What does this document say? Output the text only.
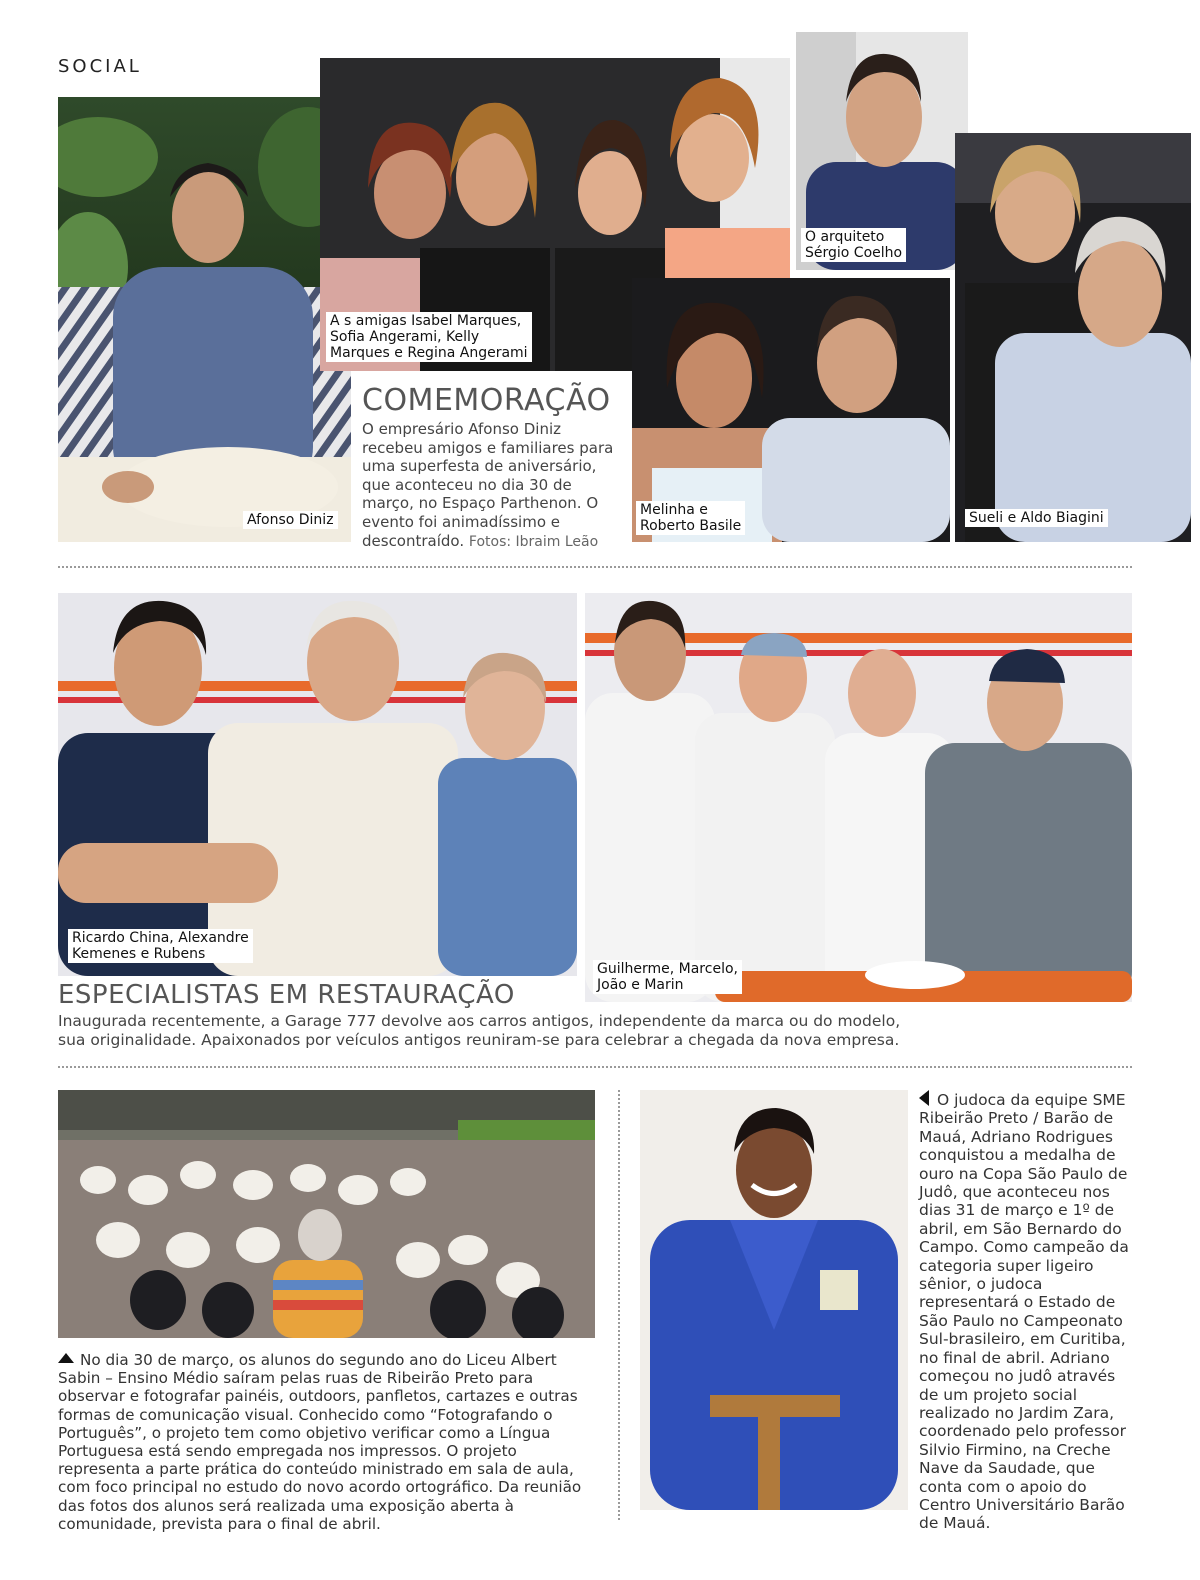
SOCIAL
Afonso Diniz
A s amigas Isabel Marques,
Sofia Angerami, Kelly
Marques e Regina Angerami
O arquiteto
Sérgio Coelho
Sueli e Aldo Biagini
Melinha e
Roberto Basile
COMEMORAÇÃO
O empresário Afonso Diniz recebeu amigos e familiares para uma superfesta de aniversário, que aconteceu no dia 30 de março, no Espaço Parthenon. O evento foi animadíssimo e descontraído. Fotos: Ibraim Leão
Ricardo China, Alexandre
Kemenes e Rubens
Guilherme, Marcelo,
João e Marin
ESPECIALISTAS EM RESTAURAÇÃO
Inaugurada recentemente, a Garage 777 devolve aos carros antigos, independente da marca ou do modelo, sua originalidade. Apaixonados por veículos antigos reuniram-se para celebrar a chegada da nova empresa.
No dia 30 de março, os alunos do segundo ano do Liceu Albert Sabin – Ensino Médio saíram pelas ruas de Ribeirão Preto para observar e fotografar painéis, outdoors, panfletos, cartazes e outras formas de comunicação visual. Conhecido como “Fotografando o Português”, o projeto tem como objetivo verificar como a Língua Portuguesa está sendo empregada nos impressos. O projeto representa a parte prática do conteúdo ministrado em sala de aula, com foco principal no estudo do novo acordo ortográfico. Da reunião das fotos dos alunos será realizada uma exposição aberta à comunidade, prevista para o final de abril.
O judoca da equipe SME Ribeirão Preto / Barão de Mauá, Adriano Rodrigues conquistou a medalha de ouro na Copa São Paulo de Judô, que aconteceu nos dias 31 de março e 1º de abril, em São Bernardo do Campo. Como campeão da categoria super ligeiro sênior, o judoca representará o Estado de São Paulo no Campeonato Sul-brasileiro, em Curitiba, no final de abril. Adriano começou no judô através de um projeto social realizado no Jardim Zara, coordenado pelo professor Silvio Firmino, na Creche Nave da Saudade, que conta com o apoio do Centro Universitário Barão de Mauá.
